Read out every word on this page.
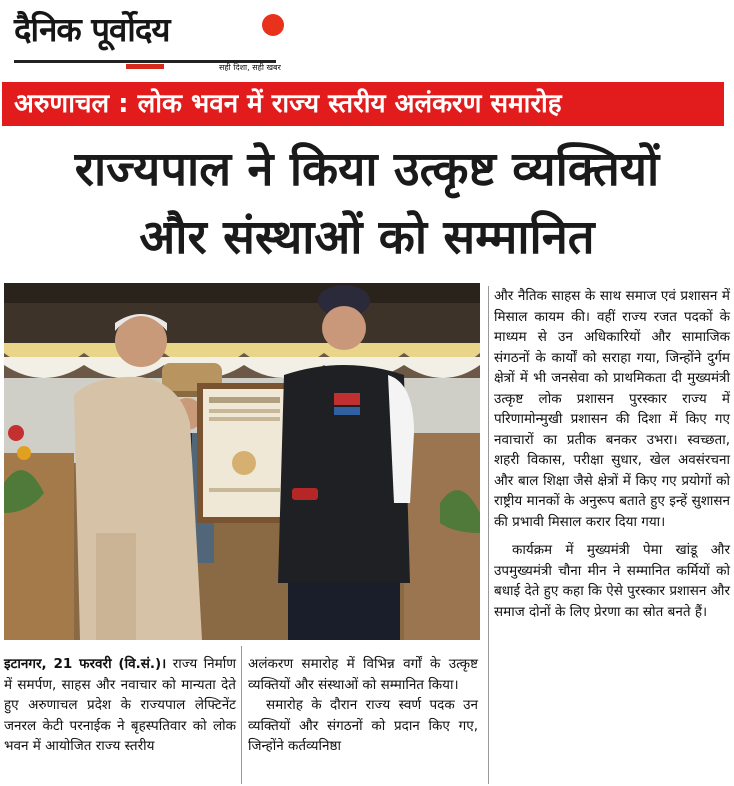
दैनिक पूर्वोदय
सही दिशा, सही खबर
अरुणाचल : लोक भवन में राज्य स्तरीय अलंकरण समारोह
राज्यपाल ने किया उत्कृष्ट व्यक्तियों
और संस्थाओं को सम्मानित

इटानगर, 21 फरवरी (वि.सं.)। राज्य निर्माण में समर्पण, साहस और नवाचार को मान्यता देते हुए अरुणाचल प्रदेश के राज्यपाल लेफ्टिनेंट जनरल केटी परनाईक ने बृहस्पतिवार को लोक भवन में आयोजित राज्य स्तरीय

अलंकरण समारोह में विभिन्न वर्गों के उत्कृष्ट व्यक्तियों और संस्थाओं को सम्मानित किया।

समारोह के दौरान राज्य स्वर्ण पदक उन व्यक्तियों और संगठनों को प्रदान किए गए, जिन्होंने कर्तव्यनिष्ठा

और नैतिक साहस के साथ समाज एवं प्रशासन में मिसाल कायम की। वहीं राज्य रजत पदकों के माध्यम से उन अधिकारियों और सामाजिक संगठनों के कार्यों को सराहा गया, जिन्होंने दुर्गम क्षेत्रों में भी जनसेवा को प्राथमिकता दी मुख्यमंत्री उत्कृष्ट लोक प्रशासन पुरस्कार राज्य में परिणामोन्मुखी प्रशासन की दिशा में किए गए नवाचारों का प्रतीक बनकर उभरा। स्वच्छता, शहरी विकास, परीक्षा सुधार, खेल अवसंरचना और बाल शिक्षा जैसे क्षेत्रों में किए गए प्रयोगों को राष्ट्रीय मानकों के अनुरूप बताते हुए इन्हें सुशासन की प्रभावी मिसाल करार दिया गया।

कार्यक्रम में मुख्यमंत्री पेमा खांडू और उपमुख्यमंत्री चौना मीन ने सम्मानित कर्मियों को बधाई देते हुए कहा कि ऐसे पुरस्कार प्रशासन और समाज दोनों के लिए प्रेरणा का स्रोत बनते हैं।
